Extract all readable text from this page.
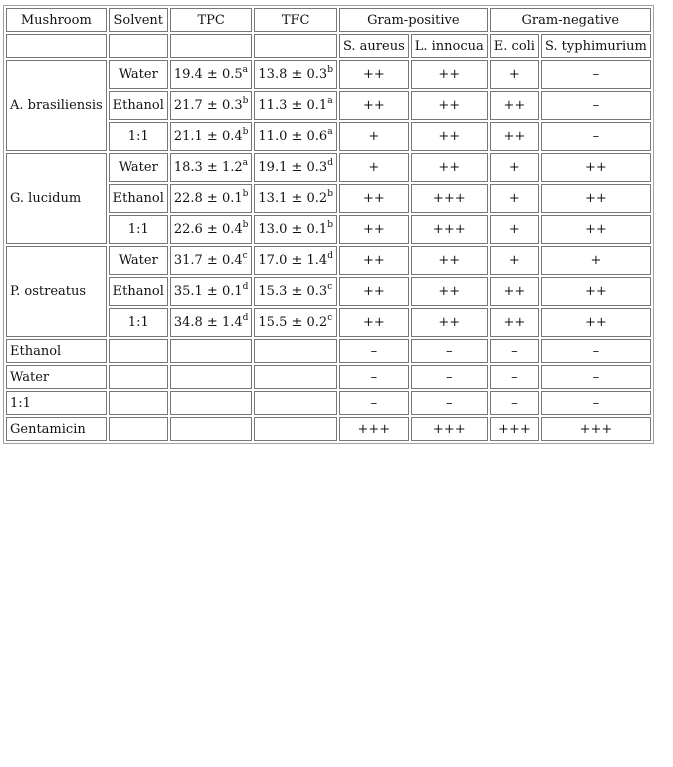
Mushroom	Solvent	TPC	TFC	Gram-positive		Gram-negative	
				S. aureus	L. innocua	E. coli	S. typhimurium
A. brasiliensis	Water	19.4 ± 0.5$^a$	13.8 ± 0.3$^b$	++	++	+	–
	Ethanol	21.7 ± 0.3$^b$	11.3 ± 0.1$^a$	++	++	++	–
	1:1	21.1 ± 0.4$^b$	11.0 ± 0.6$^a$	+	++	++	–
G. lucidum	Water	18.3 ± 1.2$^a$	19.1 ± 0.3$^d$	+	++	+	++
	Ethanol	22.8 ± 0.1$^b$	13.1 ± 0.2$^b$	++	+++	+	++
	1:1	22.6 ± 0.4$^b$	13.0 ± 0.1$^b$	++	+++	+	++
P. ostreatus	Water	31.7 ± 0.4$^c$	17.0 ± 1.4$^d$	++	++	+	+
	Ethanol	35.1 ± 0.1$^d$	15.3 ± 0.3$^c$	++	++	++	++
	1:1	34.8 ± 1.4$^d$	15.5 ± 0.2$^c$	++	++	++	++
Ethanol				–	–	–	–
Water				–	–	–	–
1:1				–	–	–	–
Gentamicin				+++	+++	+++	+++
